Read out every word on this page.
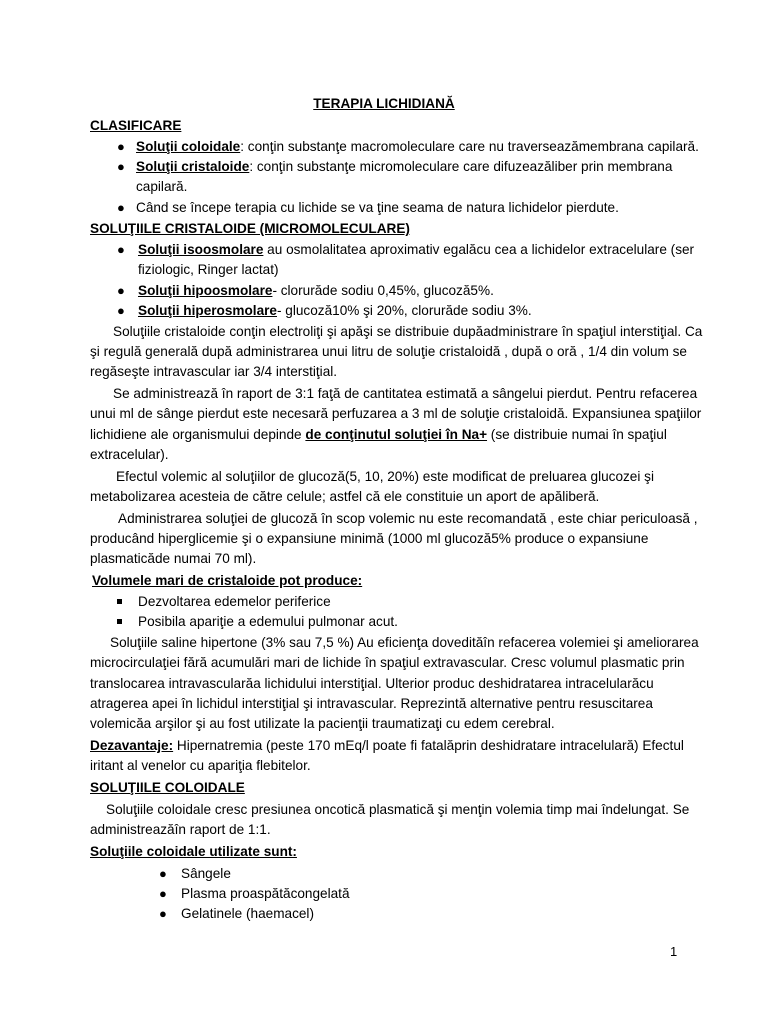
TERAPIA LICHIDIANĂ
CLASIFICARE
● Soluţii coloidale: conţin substanţe macromoleculare care nu traverseazămembrana capilară.
● Soluţii cristaloide: conţin substanţe micromoleculare care difuzeazăliber prin membrana
capilară.
● Când se începe terapia cu lichide se va ţine seama de natura lichidelor pierdute.
SOLUŢIILE CRISTALOIDE (MICROMOLECULARE)
● Soluţii isoosmolare au osmolalitatea aproximativ egalăcu cea a lichidelor extracelulare (ser
fiziologic, Ringer lactat)
● Soluţii hipoosmolare- clorurăde sodiu 0,45%, glucoză5%.
● Soluţii hiperosmolare- glucoză10% şi 20%, clorurăde sodiu 3%.
Soluţiile cristaloide conţin electroliţi şi apăşi se distribuie dupăadministrare în spaţiul interstiţial. Ca
şi regulă generală după administrarea unui litru de soluţie cristaloidă , după o oră , 1/4 din volum se
regăseşte intravascular iar 3/4 interstiţial.
Se administrează în raport de 3:1 faţă de cantitatea estimată a sângelui pierdut. Pentru refacerea
unui ml de sânge pierdut este necesară perfuzarea a 3 ml de soluţie cristaloidă. Expansiunea spaţiilor
lichidiene ale organismului depinde de conţinutul soluţiei în Na+ (se distribuie numai în spaţiul
extracelular).
Efectul volemic al soluţiilor de glucoză(5, 10, 20%) este modificat de preluarea glucozei şi
metabolizarea acesteia de către celule; astfel că ele constituie un aport de apăliberă.
Administrarea soluţiei de glucoză în scop volemic nu este recomandată , este chiar periculoasă ,
producând hiperglicemie şi o expansiune minimă (1000 ml glucoză5% produce o expansiune
plasmaticăde numai 70 ml).
Volumele mari de cristaloide pot produce:
Dezvoltarea edemelor periferice
Posibila apariţie a edemului pulmonar acut.
Soluţiile saline hipertone (3% sau 7,5 %) Au eficienţa dovedităîn refacerea volemiei şi ameliorarea
microcirculaţiei fără acumulări mari de lichide în spaţiul extravascular. Cresc volumul plasmatic prin
translocarea intravascularăa lichidului interstiţial. Ulterior produc deshidratarea intracelularăcu
atragerea apei în lichidul interstiţial şi intravascular. Reprezintă alternative pentru resuscitarea
volemicăa arşilor şi au fost utilizate la pacienţii traumatizaţi cu edem cerebral.
Dezavantaje: Hipernatremia (peste 170 mEq/l poate fi fatalăprin deshidratare intracelulară) Efectul
iritant al venelor cu apariţia flebitelor.
SOLUŢIILE COLOIDALE
Soluţiile coloidale cresc presiunea oncotică plasmatică şi menţin volemia timp mai îndelungat. Se
administreazăîn raport de 1:1.
Soluţiile coloidale utilizate sunt:
● Sângele
● Plasma proaspătăcongelată
● Gelatinele (haemacel)
1
